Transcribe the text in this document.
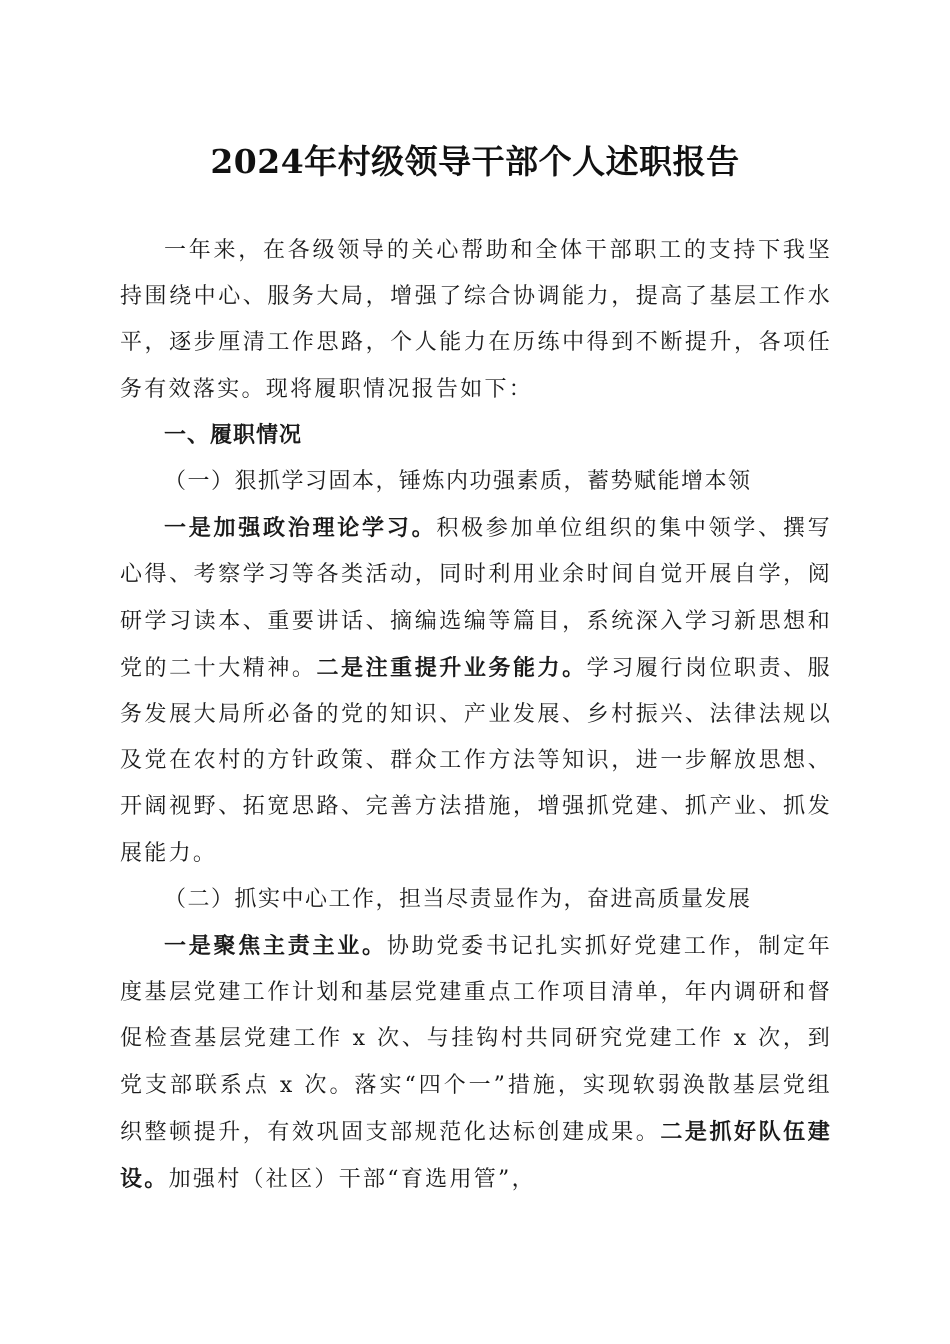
2024年村级领导干部个人述职报告

一年来，在各级领导的关心帮助和全体干部职工的支持下我坚持围绕中心、服务大局，增强了综合协调能力，提高了基层工作水平，逐步厘清工作思路，个人能力在历练中得到不断提升，各项任务有效落实。现将履职情况报告如下：

一、履职情况

（一）狠抓学习固本，锤炼内功强素质，蓄势赋能增本领

一是加强政治理论学习。积极参加单位组织的集中领学、撰写心得、考察学习等各类活动，同时利用业余时间自觉开展自学，阅研学习读本、重要讲话、摘编选编等篇目，系统深入学习新思想和党的二十大精神。二是注重提升业务能力。学习履行岗位职责、服务发展大局所必备的党的知识、产业发展、乡村振兴、法律法规以及党在农村的方针政策、群众工作方法等知识，进一步解放思想、开阔视野、拓宽思路、完善方法措施，增强抓党建、抓产业、抓发展能力。

（二）抓实中心工作，担当尽责显作为，奋进高质量发展

一是聚焦主责主业。协助党委书记扎实抓好党建工作，制定年度基层党建工作计划和基层党建重点工作项目清单，年内调研和督促检查基层党建工作 x 次、与挂钩村共同研究党建工作 x 次，到党支部联系点 x 次。落实“四个一”措施，实现软弱涣散基层党组织整顿提升，有效巩固支部规范化达标创建成果。二是抓好队伍建设。加强村（社区）干部“育选用管”，
